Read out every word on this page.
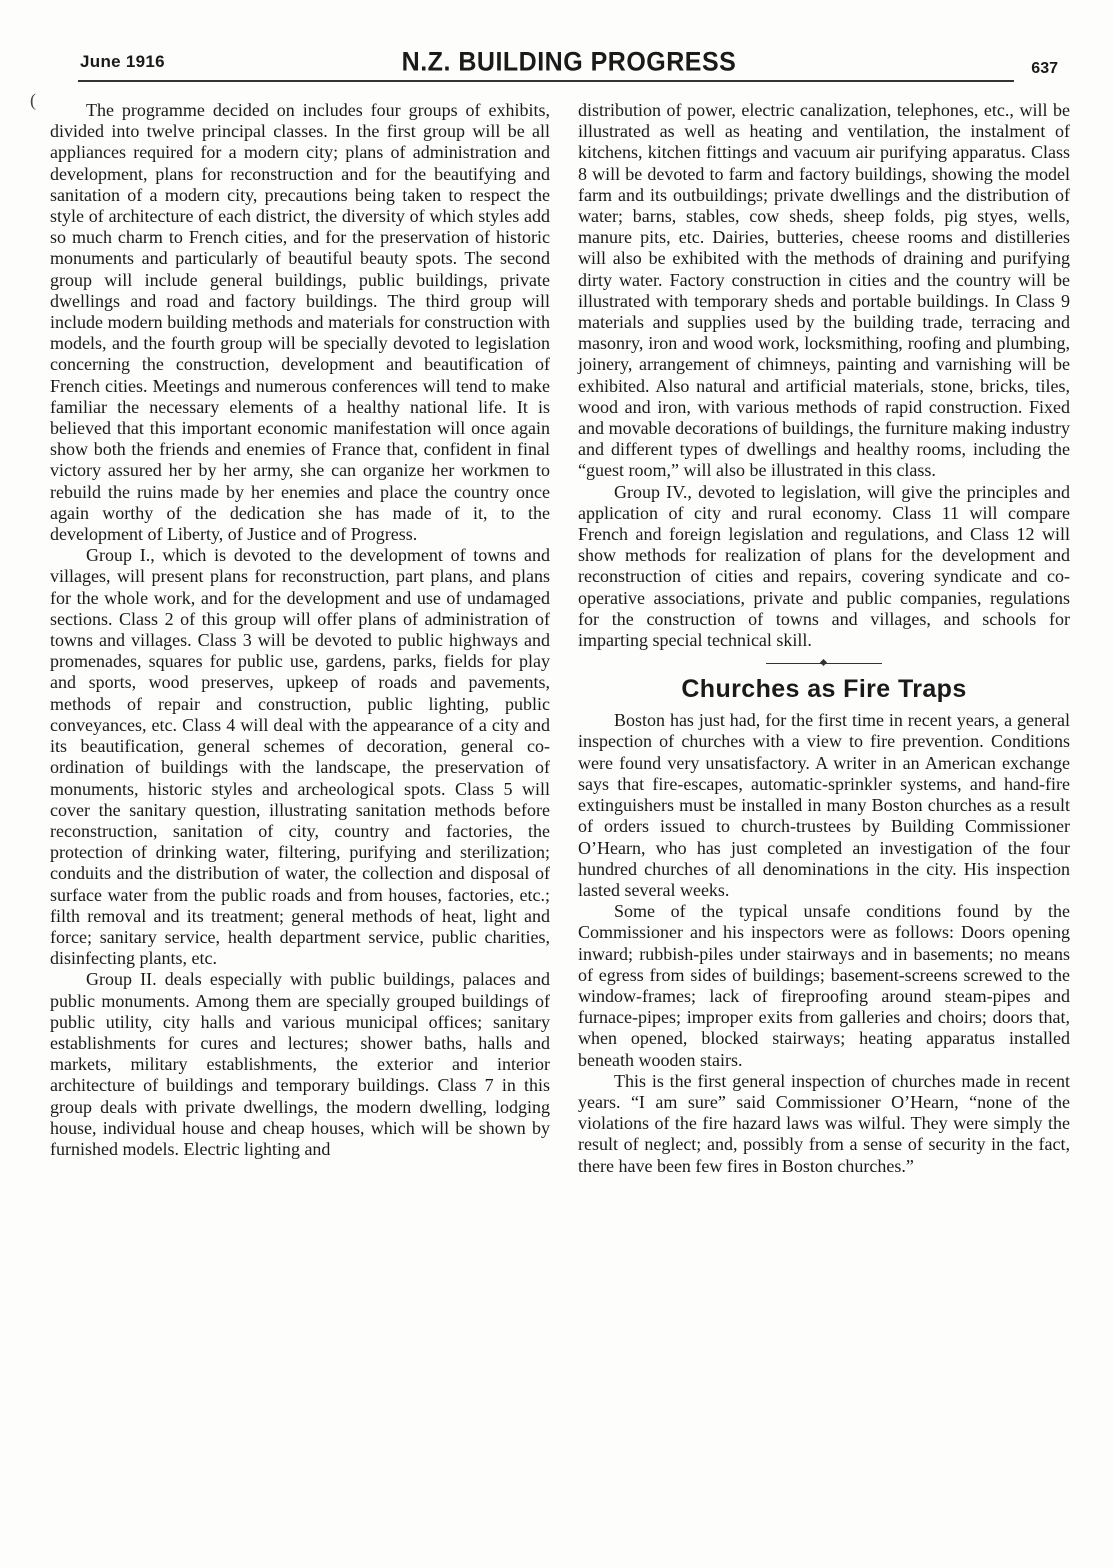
June 1916	N.Z. BUILDING PROGRESS	637
(	The programme decided on includes four groups of exhibits, divided into twelve principal classes. In the first group will be all appliances required for a modern city; plans of administration and development, plans for reconstruction and for the beautifying and sanitation of a modern city, precautions being taken to respect the style of architecture of each district, the diversity of which styles add so much charm to French cities, and for the preservation of historic monuments and particularly of beautiful beauty spots. The second group will include general buildings, public buildings, private dwellings and road and factory buildings. The third group will include modern building methods and materials for construction with models, and the fourth group will be specially devoted to legislation concerning the construction, development and beautification of French cities. Meetings and numerous conferences will tend to make familiar the necessary elements of a healthy national life. It is believed that this important economic manifestation will once again show both the friends and enemies of France that, confident in final victory assured her by her army, she can organize her workmen to rebuild the ruins made by her enemies and place the country once again worthy of the dedication she has made of it, to the development of Liberty, of Justice and of Progress.

Group I., which is devoted to the development of towns and villages, will present plans for reconstruction, part plans, and plans for the whole work, and for the development and use of undamaged sections. Class 2 of this group will offer plans of administration of towns and villages. Class 3 will be devoted to public highways and promenades, squares for public use, gardens, parks, fields for play and sports, wood preserves, upkeep of roads and pavements, methods of repair and construction, public lighting, public conveyances, etc. Class 4 will deal with the appearance of a city and its beautification, general schemes of decoration, general co-ordination of buildings with the landscape, the preservation of monuments, historic styles and archeological spots. Class 5 will cover the sanitary question, illustrating sanitation methods before reconstruction, sanitation of city, country and factories, the protection of drinking water, filtering, purifying and sterilization; conduits and the distribution of water, the collection and disposal of surface water from the public roads and from houses, factories, etc.; filth removal and its treatment; general methods of heat, light and force; sanitary service, health department service, public charities, disinfecting plants, etc.

Group II. deals especially with public buildings, palaces and public monuments. Among them are specially grouped buildings of public utility, city halls and various municipal offices; sanitary establishments for cures and lectures; shower baths, halls and markets, military establishments, the exterior and interior architecture of buildings and temporary buildings. Class 7 in this group deals with private dwellings, the modern dwelling, lodging house, individual house and cheap houses, which will be shown by furnished models. Electric lighting and

distribution of power, electric canalization, telephones, etc., will be illustrated as well as heating and ventilation, the instalment of kitchens, kitchen fittings and vacuum air purifying apparatus. Class 8 will be devoted to farm and factory buildings, showing the model farm and its outbuildings; private dwellings and the distribution of water; barns, stables, cow sheds, sheep folds, pig styes, wells, manure pits, etc. Dairies, butteries, cheese rooms and distilleries will also be exhibited with the methods of draining and purifying dirty water. Factory construction in cities and the country will be illustrated with temporary sheds and portable buildings. In Class 9 materials and supplies used by the building trade, terracing and masonry, iron and wood work, locksmithing, roofing and plumbing, joinery, arrangement of chimneys, painting and varnishing will be exhibited. Also natural and artificial materials, stone, bricks, tiles, wood and iron, with various methods of rapid construction. Fixed and movable decorations of buildings, the furniture making industry and different types of dwellings and healthy rooms, including the “guest room,” will also be illustrated in this class.

Group IV., devoted to legislation, will give the principles and application of city and rural economy. Class 11 will compare French and foreign legislation and regulations, and Class 12 will show methods for realization of plans for the development and reconstruction of cities and repairs, covering syndicate and co-operative associations, private and public companies, regulations for the construction of towns and villages, and schools for imparting special technical skill.

Churches as Fire Traps

Boston has just had, for the first time in recent years, a general inspection of churches with a view to fire prevention. Conditions were found very unsatisfactory. A writer in an American exchange says that fire-escapes, automatic-sprinkler systems, and hand-fire extinguishers must be installed in many Boston churches as a result of orders issued to church-trustees by Building Commissioner O’Hearn, who has just completed an investigation of the four hundred churches of all denominations in the city. His inspection lasted several weeks.

Some of the typical unsafe conditions found by the Commissioner and his inspectors were as follows: Doors opening inward; rubbish-piles under stairways and in basements; no means of egress from sides of buildings; basement-screens screwed to the window-frames; lack of fireproofing around steam-pipes and furnace-pipes; improper exits from galleries and choirs; doors that, when opened, blocked stairways; heating apparatus installed beneath wooden stairs.

This is the first general inspection of churches made in recent years. “I am sure” said Commissioner O’Hearn, “none of the violations of the fire hazard laws was wilful. They were simply the result of neglect; and, possibly from a sense of security in the fact, there have been few fires in Boston churches.”
